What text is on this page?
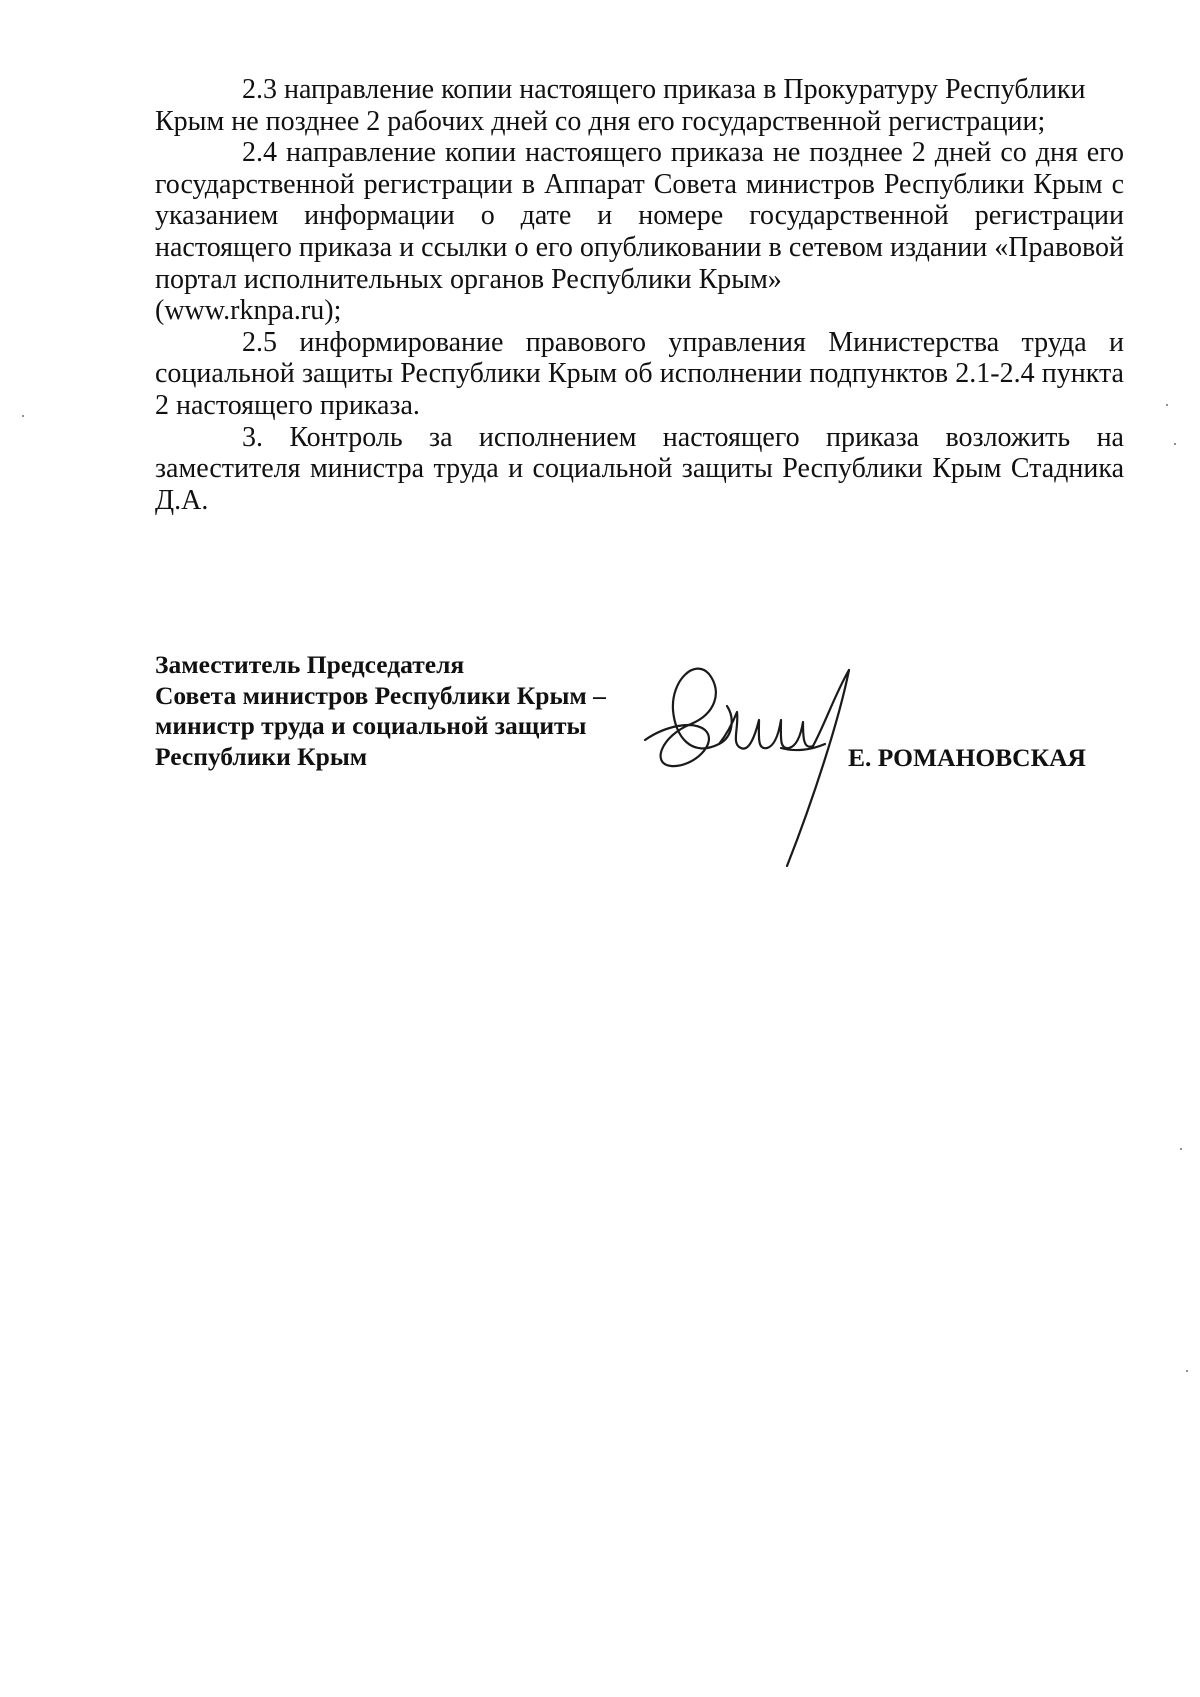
2.3 направление копии настоящего приказа в Прокуратуру Республики
Крым не позднее 2 рабочих дней со дня его государственной регистрации;

2.4 направление копии настоящего приказа не позднее 2 дней со дня его государственной регистрации в Аппарат Совета министров Республики Крым с указанием информации о дате и номере государственной регистрации настоящего приказа и ссылки о его опубликовании в сетевом издании «Правовой портал исполнительных органов Республики Крым»

(www.rknpa.ru);

2.5 информирование правового управления Министерства труда и социальной защиты Республики Крым об исполнении подпунктов 2.1-2.4 пункта 2 настоящего приказа.

3. Контроль за исполнением настоящего приказа возложить на заместителя министра труда и социальной защиты Республики Крым Стадника Д.А.

Заместитель Председателя
Совета министров Республики Крым –
министр труда и социальной защиты
Республики Крым	Е. РОМАНОВСКАЯ
